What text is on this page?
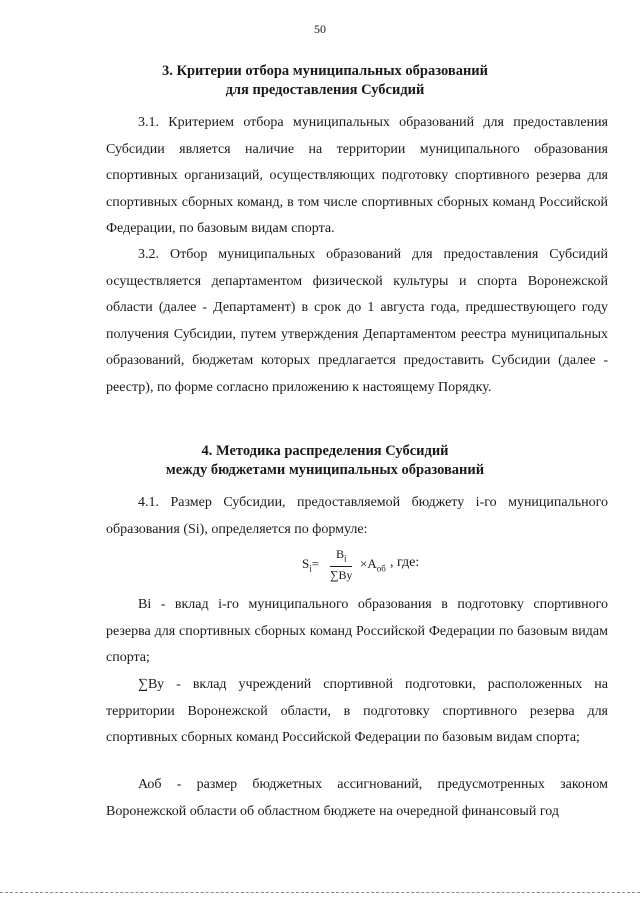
50
3. Критерии отбора муниципальных образований
для предоставления Субсидий

3.1. Критерием отбора муниципальных образований для предоставления Субсидии является наличие на территории муниципального образования спортивных организаций, осуществляющих подготовку спортивного резерва для спортивных сборных команд, в том числе спортивных сборных команд Российской Федерации, по базовым видам спорта.

3.2. Отбор муниципальных образований для предоставления Субсидий осуществляется департаментом физической культуры и спорта Воронежской области (далее - Департамент) в срок до 1 августа года, предшествующего году получения Субсидии, путем утверждения Департаментом реестра муниципальных образований, бюджетам которых предлагается предоставить Субсидии (далее - реестр), по форме согласно приложению к настоящему Порядку.

4. Методика распределения Субсидий
между бюджетами муниципальных образований

4.1. Размер Субсидии, предоставляемой бюджету i-го муниципального образования (Si), определяется по формуле:

$S_i=$
$B_i$
∑Ву
$\times A_{об}$ , где:

Bi - вклад i-го муниципального образования в подготовку спортивного резерва для спортивных сборных команд Российской Федерации по базовым видам спорта;

∑Ву - вклад учреждений спортивной подготовки, расположенных на территории Воронежской области, в подготовку спортивного резерва для спортивных сборных команд Российской Федерации по базовым видам спорта;

Аоб - размер бюджетных ассигнований, предусмотренных законом Воронежской области об областном бюджете на очередной финансовый год
